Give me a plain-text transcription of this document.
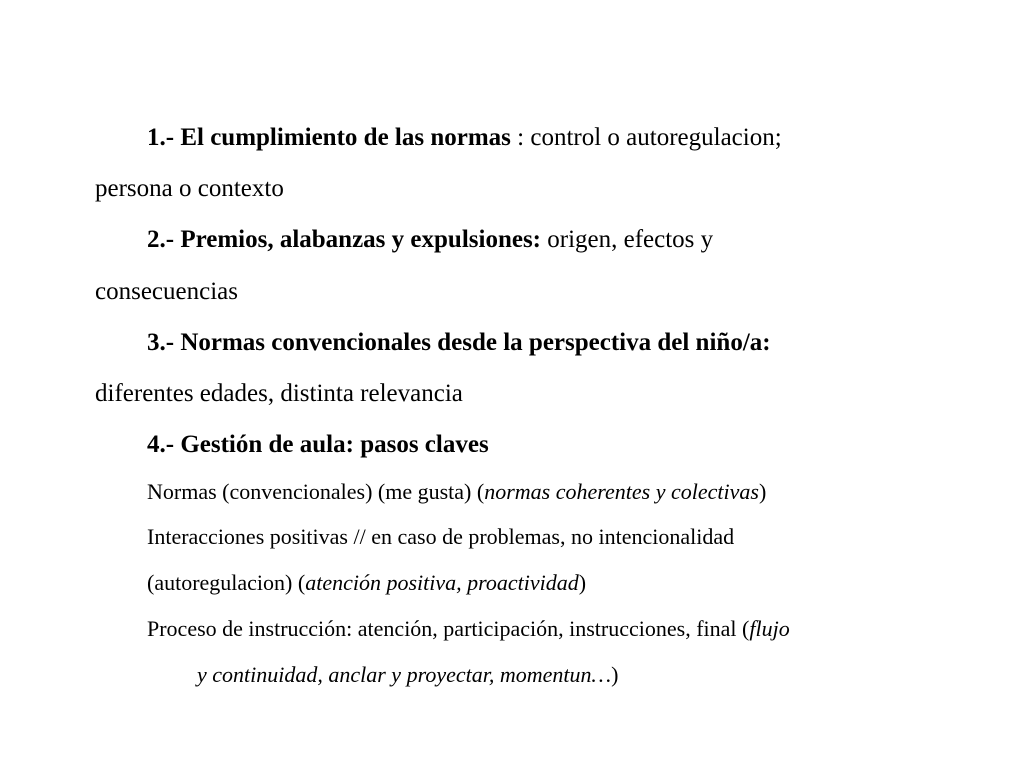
1.- El cumplimiento de las normas : control o autoregulacion;
persona o contexto
2.- Premios, alabanzas y expulsiones: origen, efectos y
consecuencias
3.- Normas convencionales desde la perspectiva del niño/a:
diferentes edades, distinta relevancia
4.- Gestión de aula: pasos claves
Normas (convencionales) (me gusta) (normas coherentes y colectivas)
Interacciones positivas // en caso de problemas, no intencionalidad
(autoregulacion) (atención positiva, proactividad)
Proceso de instrucción: atención, participación, instrucciones, final (flujo
y continuidad, anclar y proyectar, momentun…)
